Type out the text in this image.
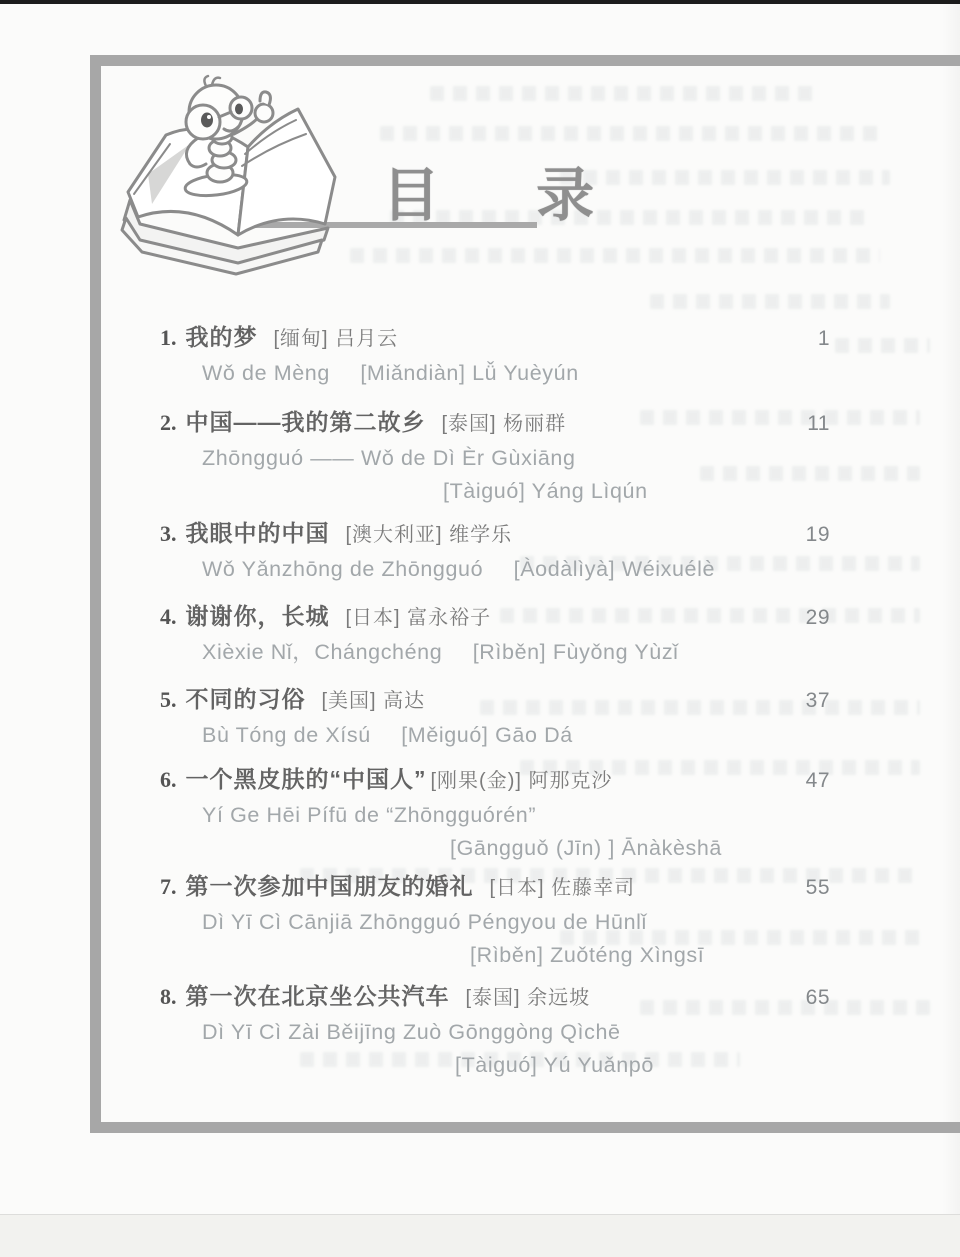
目 录
1. 我的梦 [缅甸] 吕月云	1
Wǒ de Mèng [Miǎndiàn] Lǚ Yuèyún
2. 中国——我的第二故乡 [泰国] 杨丽群	11
Zhōngguó —— Wǒ de Dì Èr Gùxiāng
[Tàiguó] Yáng Lìqún
3. 我眼中的中国 [澳大利亚] 维学乐	19
Wǒ Yǎnzhōng de Zhōngguó [Àodàlìyà] Wéixuélè
4. 谢谢你，长城 [日本] 富永裕子	29
Xièxie Nǐ，Chángchéng [Rìběn] Fùyǒng Yùzǐ
5. 不同的习俗 [美国] 高达	37
Bù Tóng de Xísú [Měiguó] Gāo Dá
6. 一个黑皮肤的“中国人” [刚果(金)] 阿那克沙	47
Yí Ge Hēi Pífū de “Zhōngguórén”
[Gāngguǒ (Jīn) ] Ānàkèshā
7. 第一次参加中国朋友的婚礼 [日本] 佐藤幸司	55
Dì Yī Cì Cānjiā Zhōngguó Péngyou de Hūnlǐ
[Rìběn] Zuǒténg Xìngsī
8. 第一次在北京坐公共汽车 [泰国] 余远坡	65
Dì Yī Cì Zài Běijīng Zuò Gōnggòng Qìchē
[Tàiguó] Yú Yuǎnpō
